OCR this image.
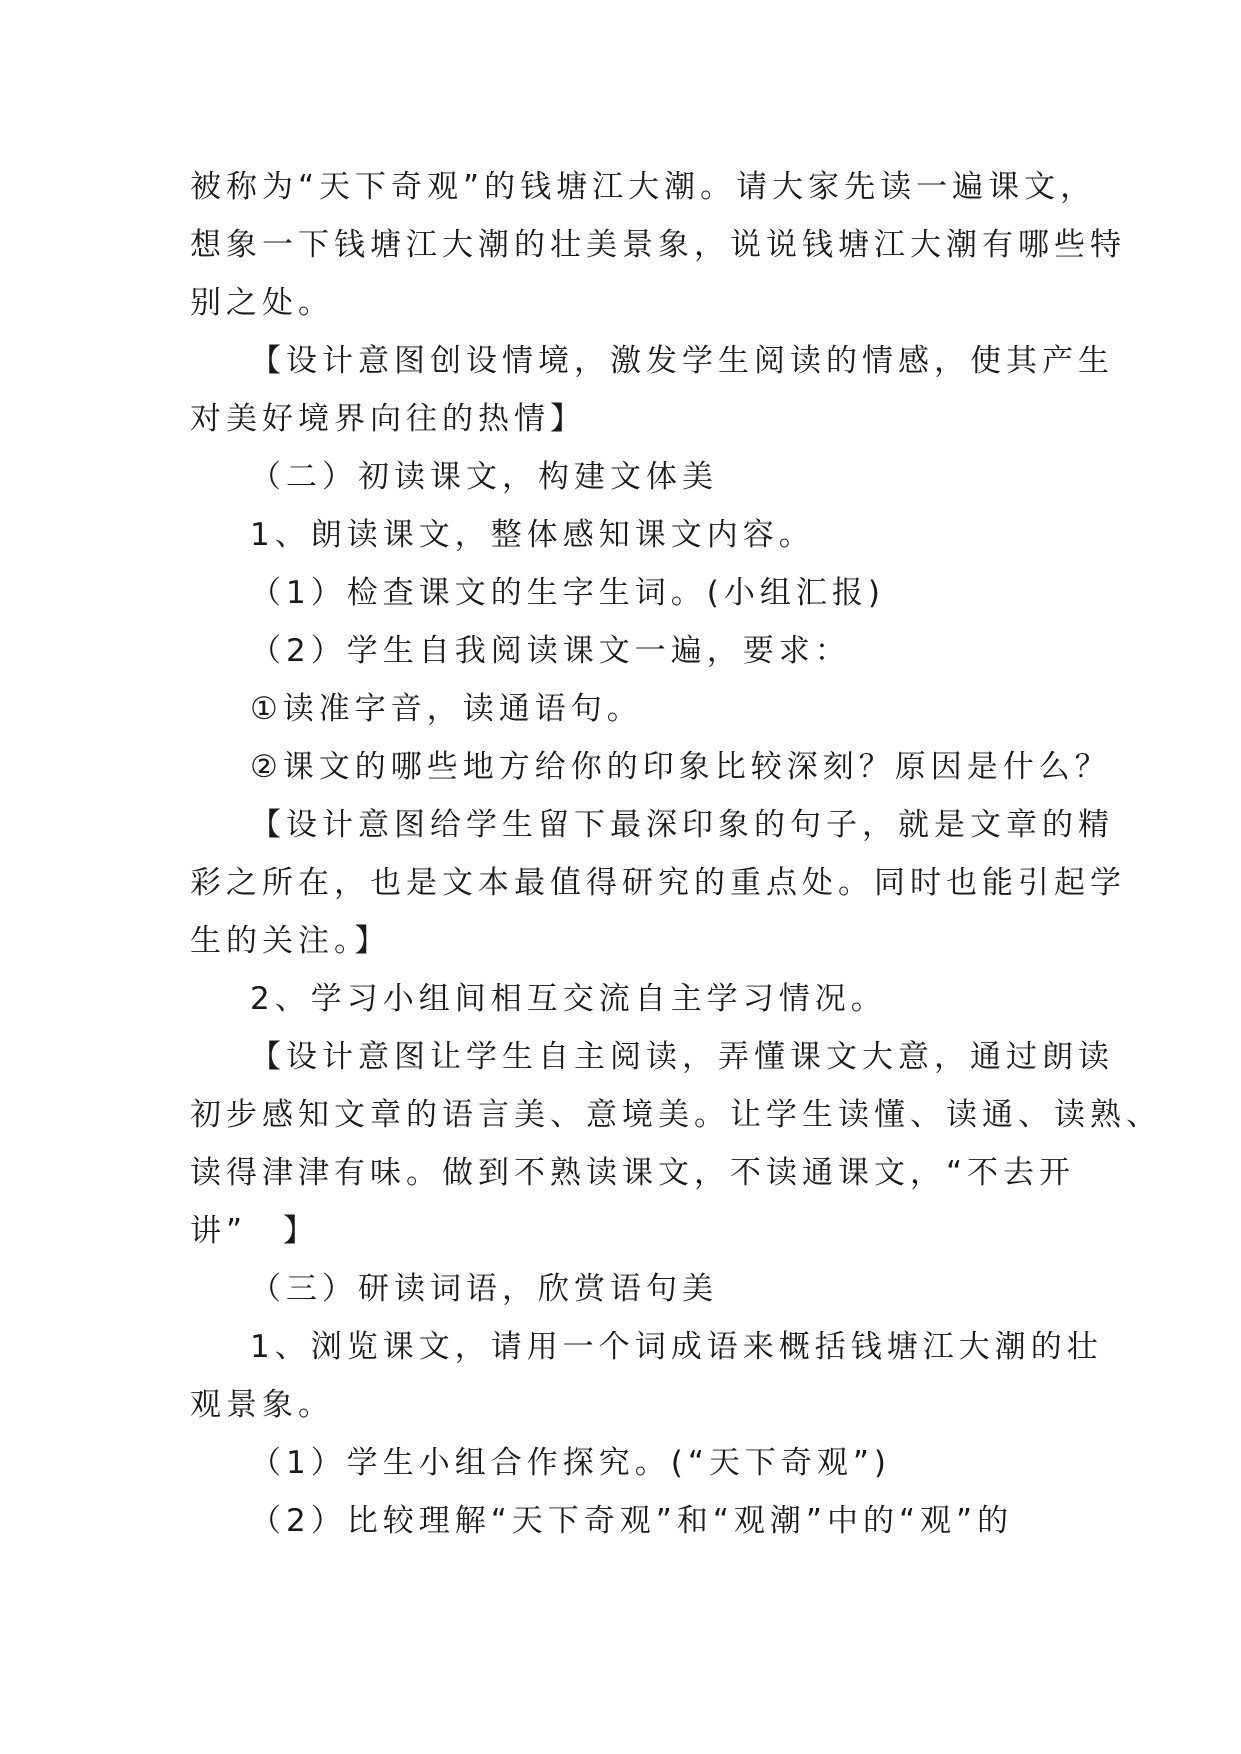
被称为“天下奇观”的钱塘江大潮。请大家先读一遍课文，
想象一下钱塘江大潮的壮美景象，说说钱塘江大潮有哪些特
别之处。
【设计意图创设情境，激发学生阅读的情感，使其产生
对美好境界向往的热情】
（二）初读课文，构建文体美
1、朗读课文，整体感知课文内容。
（1）检查课文的生字生词。(小组汇报)
（2）学生自我阅读课文一遍，要求：
①读准字音，读通语句。
②课文的哪些地方给你的印象比较深刻？原因是什么？
【设计意图给学生留下最深印象的句子，就是文章的精
彩之所在，也是文本最值得研究的重点处。同时也能引起学
生的关注。】
2、学习小组间相互交流自主学习情况。
【设计意图让学生自主阅读，弄懂课文大意，通过朗读
初步感知文章的语言美、意境美。让学生读懂、读通、读熟、
读得津津有味。做到不熟读课文，不读通课文，“不去开
讲”　】
（三）研读词语，欣赏语句美
1、浏览课文，请用一个词成语来概括钱塘江大潮的壮
观景象。
（1）学生小组合作探究。(“天下奇观”)
（2）比较理解“天下奇观”和“观潮”中的“观”的
